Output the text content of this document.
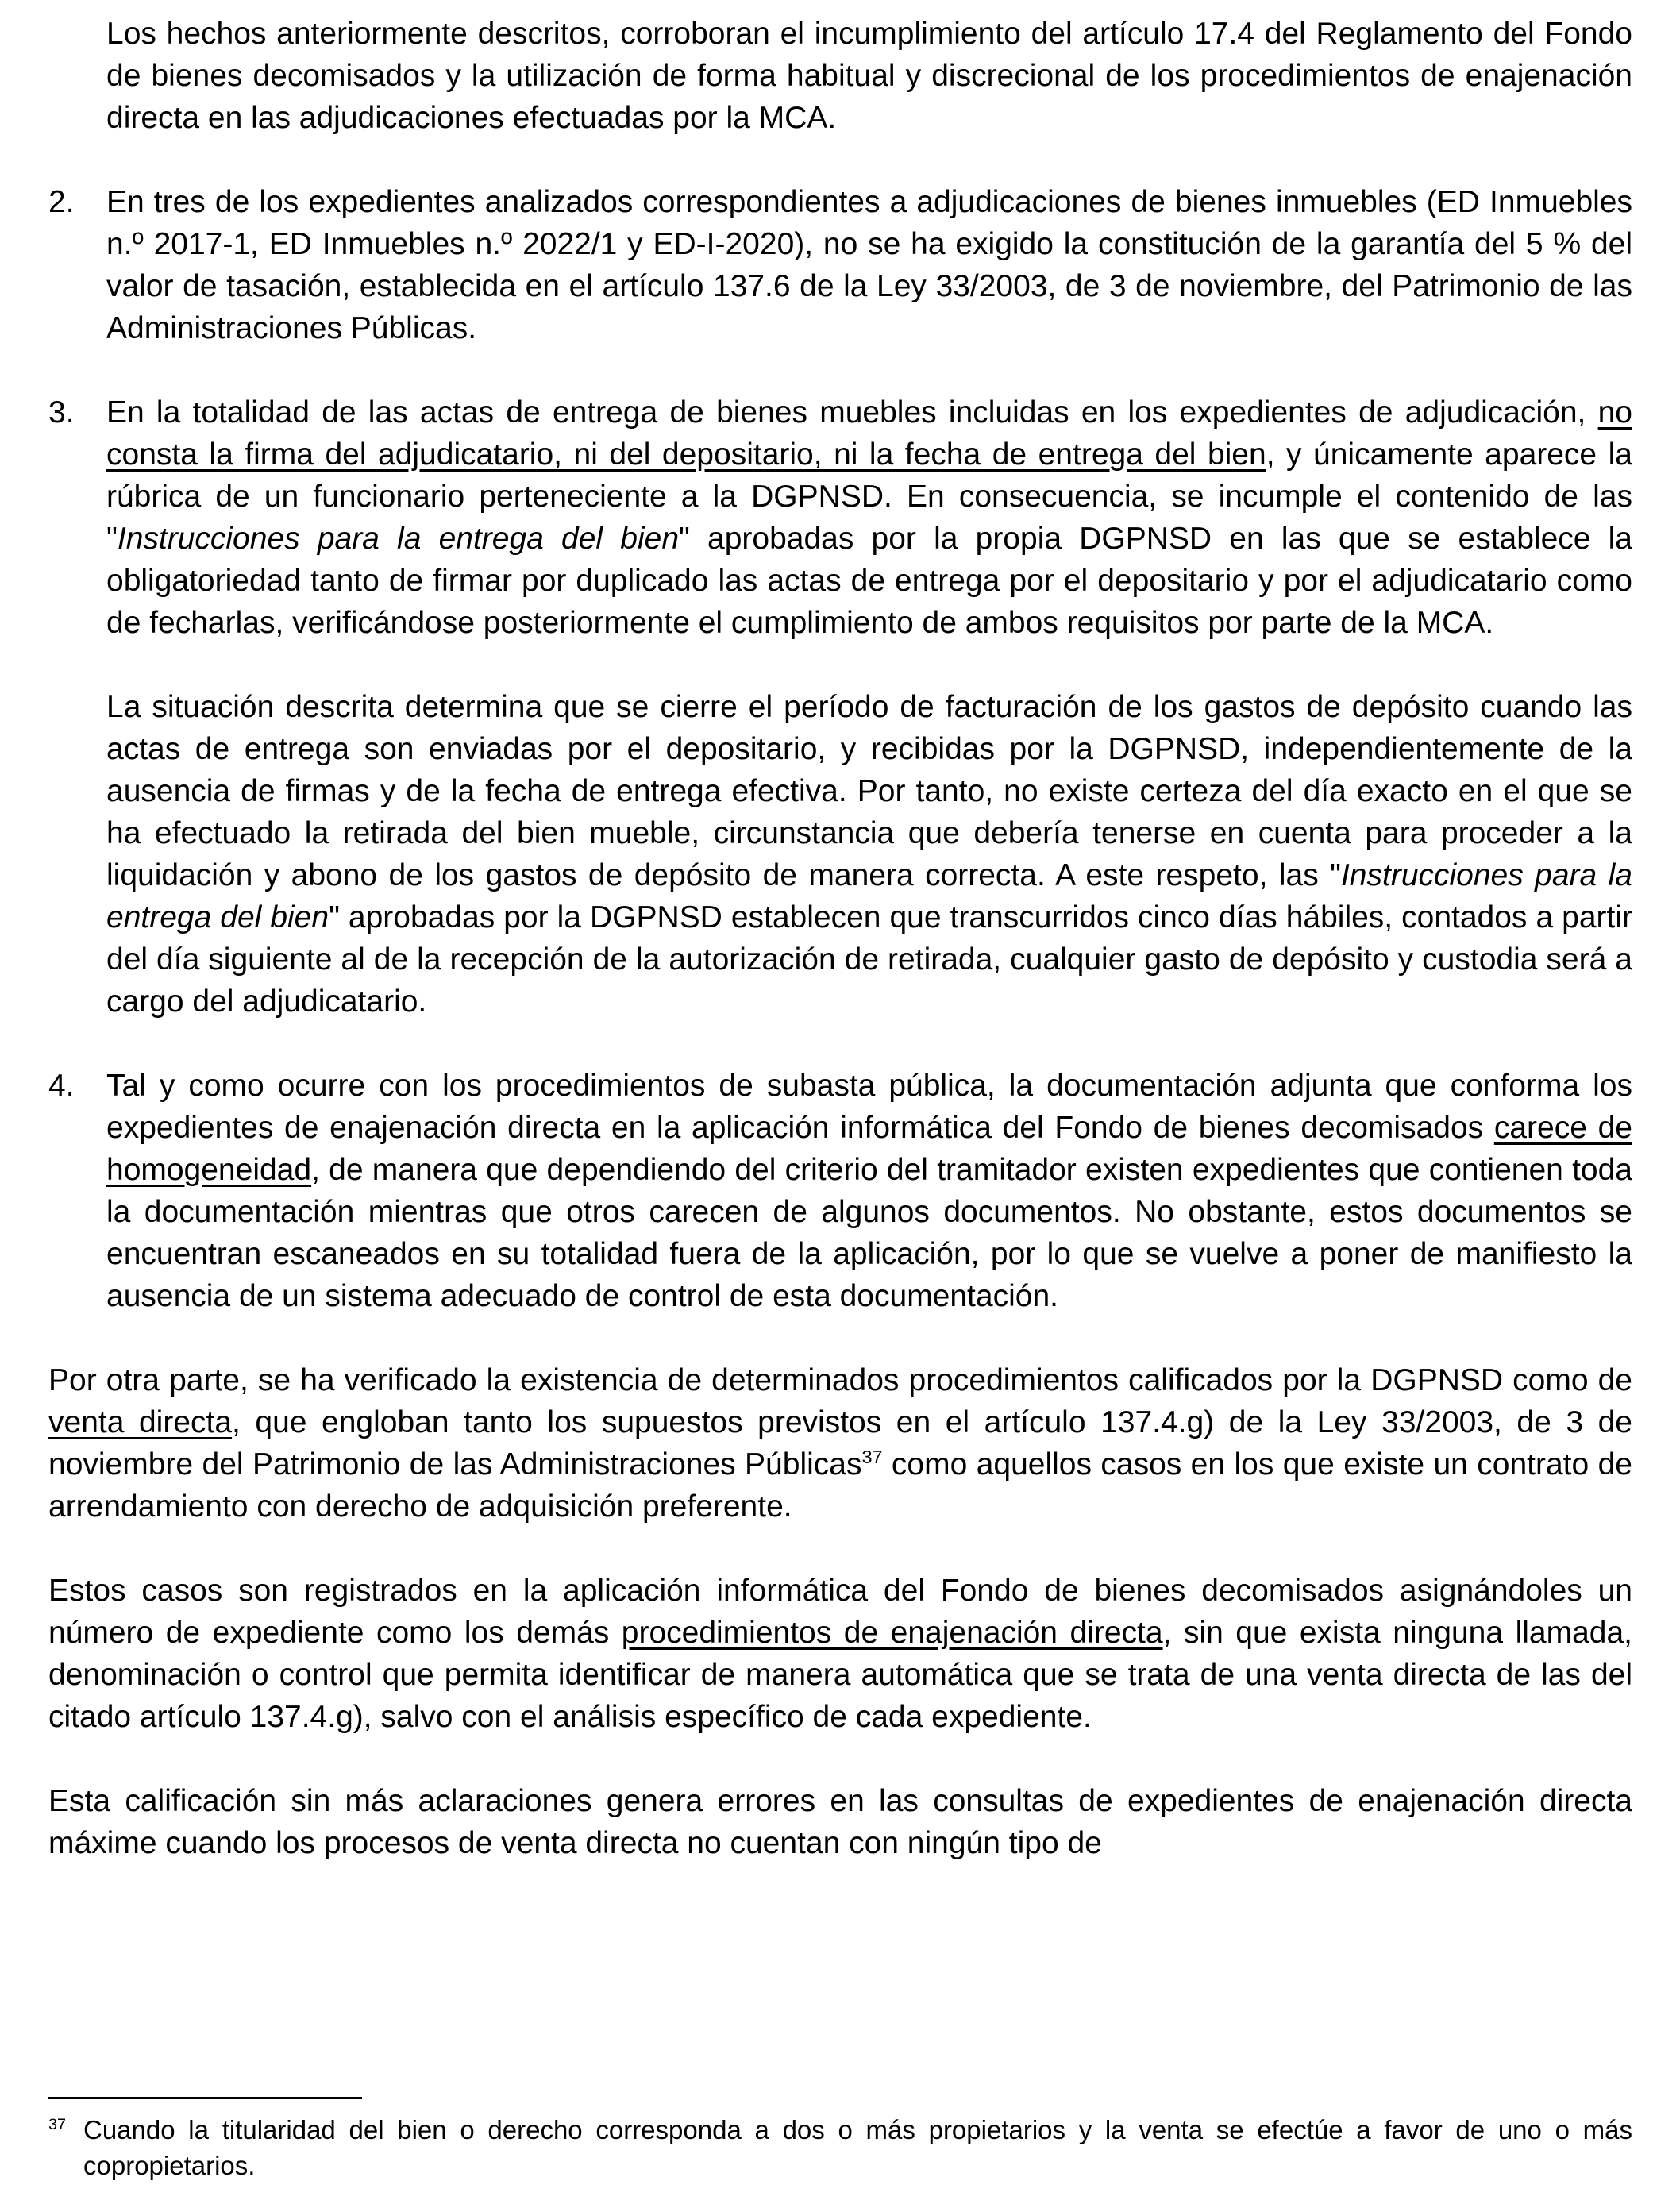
Los hechos anteriormente descritos, corroboran el incumplimiento del artículo 17.4 del Reglamento del Fondo de bienes decomisados y la utilización de forma habitual y discrecional de los procedimientos de enajenación directa en las adjudicaciones efectuadas por la MCA.

2.	En tres de los expedientes analizados correspondientes a adjudicaciones de bienes inmuebles (ED Inmuebles n.º 2017-1, ED Inmuebles n.º 2022/1 y ED-I-2020), no se ha exigido la constitución de la garantía del 5 % del valor de tasación, establecida en el artículo 137.6 de la Ley 33/2003, de 3 de noviembre, del Patrimonio de las Administraciones Públicas.

3.	En la totalidad de las actas de entrega de bienes muebles incluidas en los expedientes de adjudicación, no consta la firma del adjudicatario, ni del depositario, ni la fecha de entrega del bien, y únicamente aparece la rúbrica de un funcionario perteneciente a la DGPNSD. En consecuencia, se incumple el contenido de las "Instrucciones para la entrega del bien" aprobadas por la propia DGPNSD en las que se establece la obligatoriedad tanto de firmar por duplicado las actas de entrega por el depositario y por el adjudicatario como de fecharlas, verificándose posteriormente el cumplimiento de ambos requisitos por parte de la MCA.

La situación descrita determina que se cierre el período de facturación de los gastos de depósito cuando las actas de entrega son enviadas por el depositario, y recibidas por la DGPNSD, independientemente de la ausencia de firmas y de la fecha de entrega efectiva. Por tanto, no existe certeza del día exacto en el que se ha efectuado la retirada del bien mueble, circunstancia que debería tenerse en cuenta para proceder a la liquidación y abono de los gastos de depósito de manera correcta. A este respeto, las "Instrucciones para la entrega del bien" aprobadas por la DGPNSD establecen que transcurridos cinco días hábiles, contados a partir del día siguiente al de la recepción de la autorización de retirada, cualquier gasto de depósito y custodia será a cargo del adjudicatario.

4.	Tal y como ocurre con los procedimientos de subasta pública, la documentación adjunta que conforma los expedientes de enajenación directa en la aplicación informática del Fondo de bienes decomisados carece de homogeneidad, de manera que dependiendo del criterio del tramitador existen expedientes que contienen toda la documentación mientras que otros carecen de algunos documentos. No obstante, estos documentos se encuentran escaneados en su totalidad fuera de la aplicación, por lo que se vuelve a poner de manifiesto la ausencia de un sistema adecuado de control de esta documentación.

Por otra parte, se ha verificado la existencia de determinados procedimientos calificados por la DGPNSD como de venta directa, que engloban tanto los supuestos previstos en el artículo 137.4.g) de la Ley 33/2003, de 3 de noviembre del Patrimonio de las Administraciones Públicas$^{37}$ como aquellos casos en los que existe un contrato de arrendamiento con derecho de adquisición preferente.

Estos casos son registrados en la aplicación informática del Fondo de bienes decomisados asignándoles un número de expediente como los demás procedimientos de enajenación directa, sin que exista ninguna llamada, denominación o control que permita identificar de manera automática que se trata de una venta directa de las del citado artículo 137.4.g), salvo con el análisis específico de cada expediente.

Esta calificación sin más aclaraciones genera errores en las consultas de expedientes de enajenación directa máxime cuando los procesos de venta directa no cuentan con ningún tipo de

$^{37}$ Cuando la titularidad del bien o derecho corresponda a dos o más propietarios y la venta se efectúe a favor de uno o más copropietarios.
